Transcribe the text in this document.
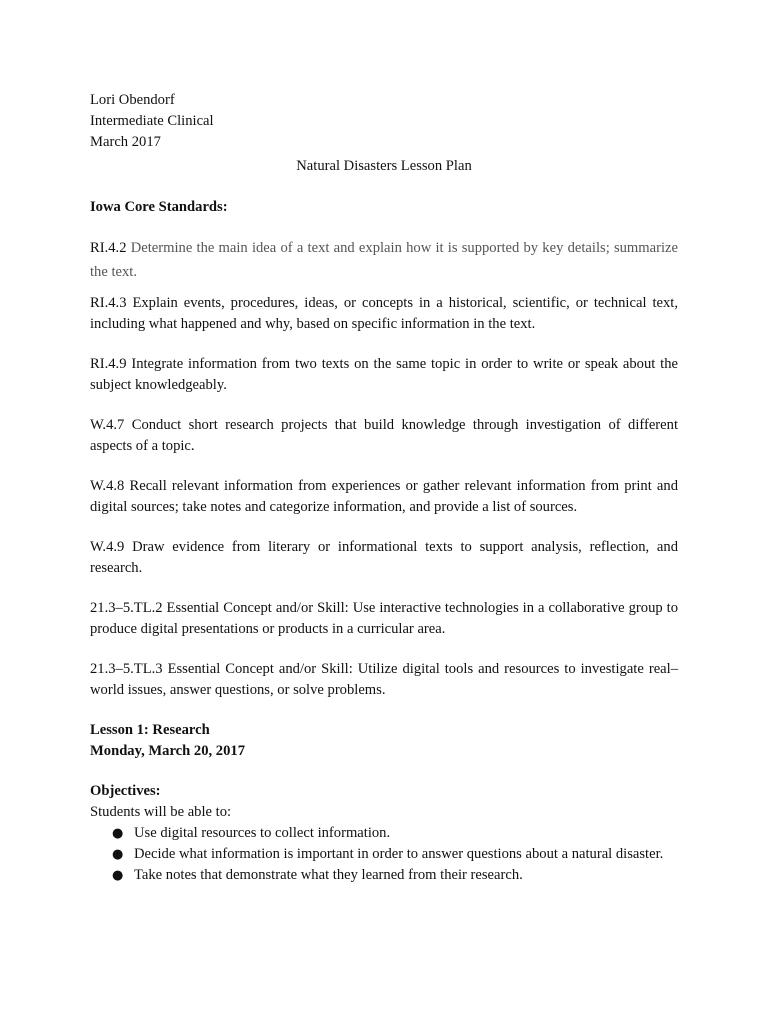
Lori Obendorf

Intermediate Clinical

March 2017

Natural Disasters Lesson Plan

Iowa Core Standards:

RI.4.2 Determine the main idea of a text and explain how it is supported by key details; summarize the text.

RI.4.3 Explain events, procedures, ideas, or concepts in a historical, scientific, or technical text, including what happened and why, based on specific information in the text.

RI.4.9 Integrate information from two texts on the same topic in order to write or speak about the subject knowledgeably.

W.4.7 Conduct short research projects that build knowledge through investigation of different aspects of a topic.

W.4.8 Recall relevant information from experiences or gather relevant information from print and digital sources; take notes and categorize information, and provide a list of sources.

W.4.9 Draw evidence from literary or informational texts to support analysis, reflection, and research.

21.3–5.TL.2 Essential Concept and/or Skill: Use interactive technologies in a collaborative group to produce digital presentations or products in a curricular area.

21.3–5.TL.3 Essential Concept and/or Skill: Utilize digital tools and resources to investigate real–world issues, answer questions, or solve problems.

Lesson 1: Research

Monday, March 20, 2017

Objectives:

Students will be able to:

● Use digital resources to collect information.
● Decide what information is important in order to answer questions about a natural disaster.
● Take notes that demonstrate what they learned from their research.
